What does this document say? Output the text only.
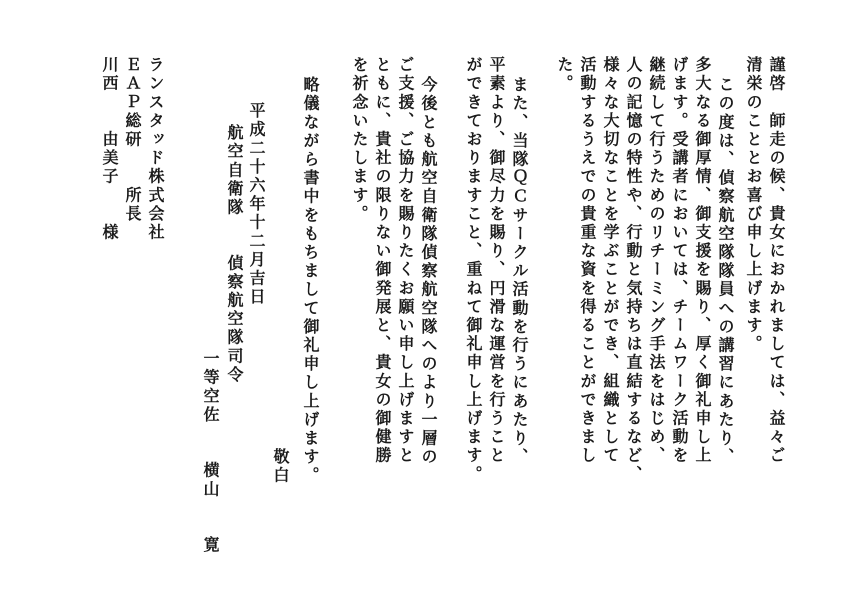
謹啓　師走の候、貴女におかれましては、益々ご
清栄のこととお喜び申し上げます。
この度は、偵察航空隊隊員への講習にあたり、
多大なる御厚情、御支援を賜り、厚く御礼申し上
げます。受講者においては、チームワーク活動を
継続して行うためのリチーミング手法をはじめ、
人の記憶の特性や、行動と気持ちは直結するなど、
様々な大切なことを学ぶことができ、組織として
活動するうえでの貴重な資を得ることができまし
た。
また、当隊ＱＣサークル活動を行うにあたり、
平素より、御尽力を賜り、円滑な運営を行うこと
ができておりますこと、重ねて御礼申し上げます。
今後とも航空自衛隊偵察航空隊へのより一層の
ご支援、ご協力を賜りたくお願い申し上げますと
ともに、貴社の限りない御発展と、貴女の御健勝
を祈念いたします。
略儀ながら書中をもちまして御礼申し上げます。
敬白
平成二十六年十二月吉日
航空自衛隊　　偵察航空隊司令
一等空佐　　横山　　寛
ランスタッド株式会社
ＥＡＰ総研　　所長
川西　　由美子　　様
